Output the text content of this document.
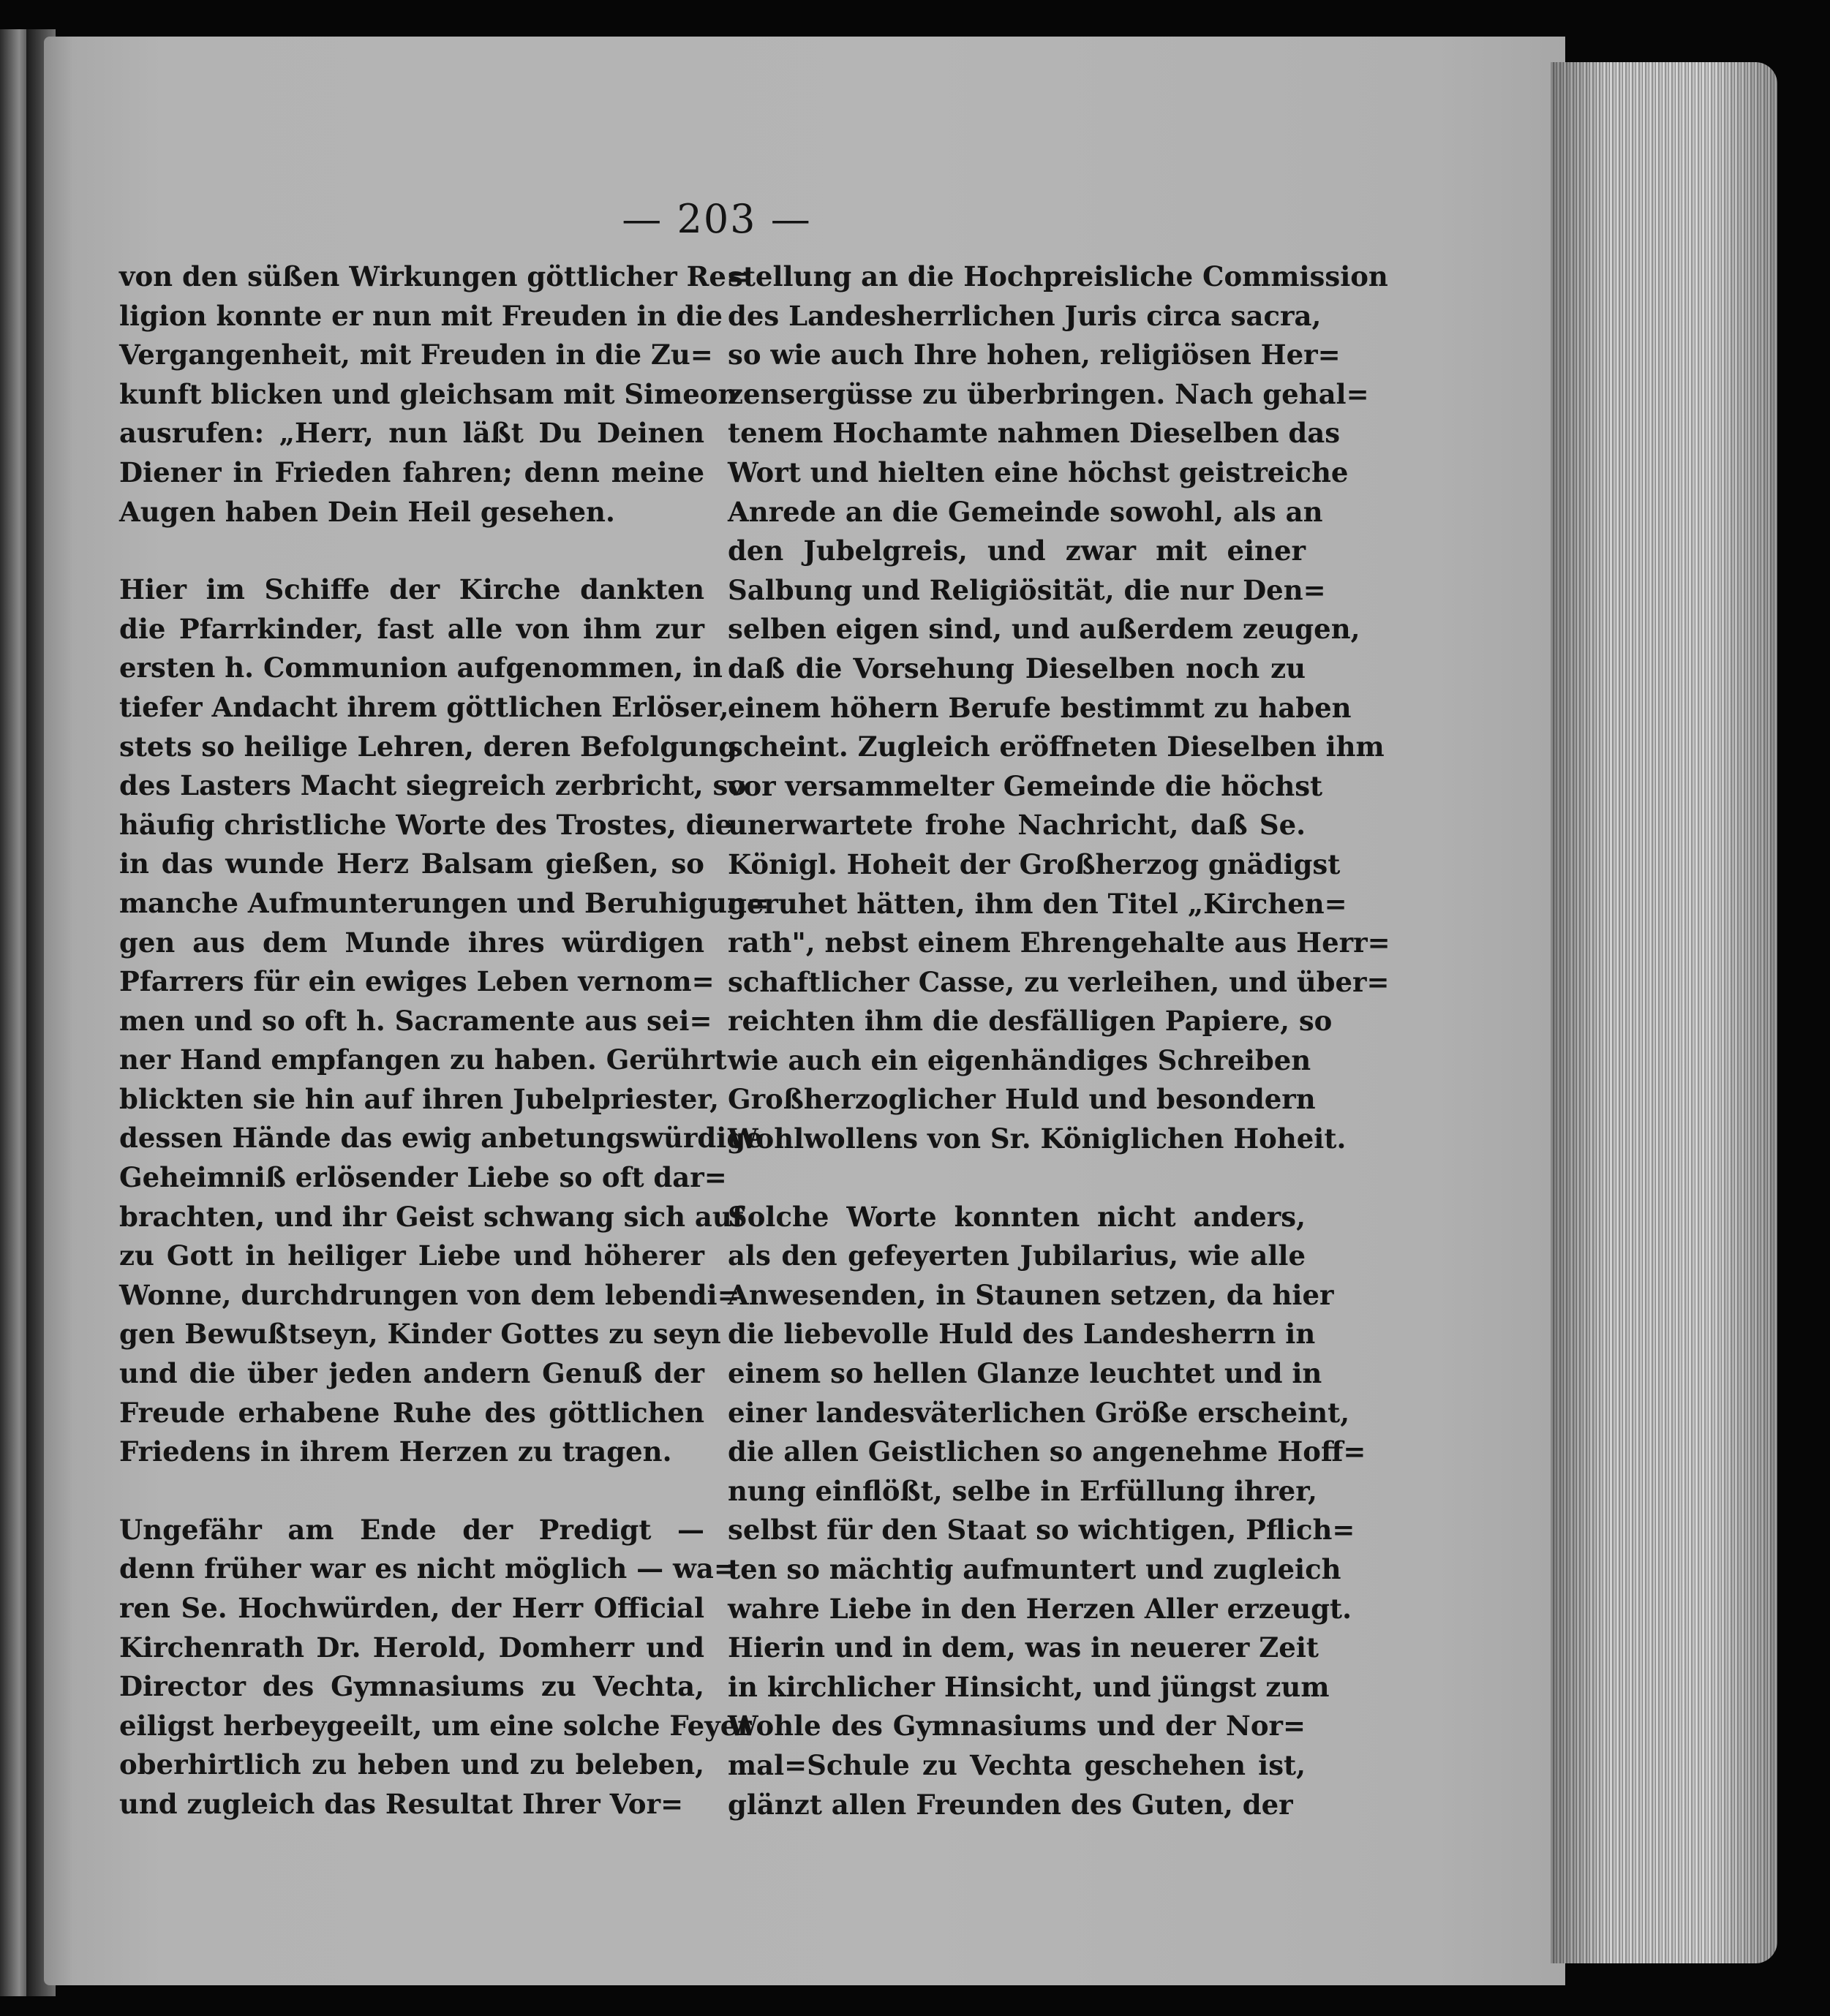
— 203 —
von den süßen Wirkungen göttlicher Re=
ligion konnte er nun mit Freuden in die
Vergangenheit, mit Freuden in die Zu=
kunft blicken und gleichsam mit Simeon
ausrufen: „Herr, nun läßt Du Deinen
Diener in Frieden fahren; denn meine
Augen haben Dein Heil gesehen.
Hier im Schiffe der Kirche dankten
die Pfarrkinder, fast alle von ihm zur
ersten h. Communion aufgenommen, in
tiefer Andacht ihrem göttlichen Erlöser,
stets so heilige Lehren, deren Befolgung
des Lasters Macht siegreich zerbricht, so
häufig christliche Worte des Trostes, die
in das wunde Herz Balsam gießen, so
manche Aufmunterungen und Beruhigun=
gen aus dem Munde ihres würdigen
Pfarrers für ein ewiges Leben vernom=
men und so oft h. Sacramente aus sei=
ner Hand empfangen zu haben. Gerührt
blickten sie hin auf ihren Jubelpriester,
dessen Hände das ewig anbetungswürdige
Geheimniß erlösender Liebe so oft dar=
brachten, und ihr Geist schwang sich auf
zu Gott in heiliger Liebe und höherer
Wonne, durchdrungen von dem lebendi=
gen Bewußtseyn, Kinder Gottes zu seyn
und die über jeden andern Genuß der
Freude erhabene Ruhe des göttlichen
Friedens in ihrem Herzen zu tragen.
Ungefähr am Ende der Predigt —
denn früher war es nicht möglich — wa=
ren Se. Hochwürden, der Herr Official
Kirchenrath Dr. Herold, Domherr und
Director des Gymnasiums zu Vechta,
eiligst herbeygeeilt, um eine solche Feyer
oberhirtlich zu heben und zu beleben,
und zugleich das Resultat Ihrer Vor=
stellung an die Hochpreisliche Commission
des Landesherrlichen Juris circa sacra,
so wie auch Ihre hohen, religiösen Her=
zensergüsse zu überbringen. Nach gehal=
tenem Hochamte nahmen Dieselben das
Wort und hielten eine höchst geistreiche
Anrede an die Gemeinde sowohl, als an
den Jubelgreis, und zwar mit einer
Salbung und Religiösität, die nur Den=
selben eigen sind, und außerdem zeugen,
daß die Vorsehung Dieselben noch zu
einem höhern Berufe bestimmt zu haben
scheint. Zugleich eröffneten Dieselben ihm
vor versammelter Gemeinde die höchst
unerwartete frohe Nachricht, daß Se.
Königl. Hoheit der Großherzog gnädigst
geruhet hätten, ihm den Titel „Kirchen=
rath", nebst einem Ehrengehalte aus Herr=
schaftlicher Casse, zu verleihen, und über=
reichten ihm die desfälligen Papiere, so
wie auch ein eigenhändiges Schreiben
Großherzoglicher Huld und besondern
Wohlwollens von Sr. Königlichen Hoheit.
Solche Worte konnten nicht anders,
als den gefeyerten Jubilarius, wie alle
Anwesenden, in Staunen setzen, da hier
die liebevolle Huld des Landesherrn in
einem so hellen Glanze leuchtet und in
einer landesväterlichen Größe erscheint,
die allen Geistlichen so angenehme Hoff=
nung einflößt, selbe in Erfüllung ihrer,
selbst für den Staat so wichtigen, Pflich=
ten so mächtig aufmuntert und zugleich
wahre Liebe in den Herzen Aller erzeugt.
Hierin und in dem, was in neuerer Zeit
in kirchlicher Hinsicht, und jüngst zum
Wohle des Gymnasiums und der Nor=
mal=Schule zu Vechta geschehen ist,
glänzt allen Freunden des Guten, der
